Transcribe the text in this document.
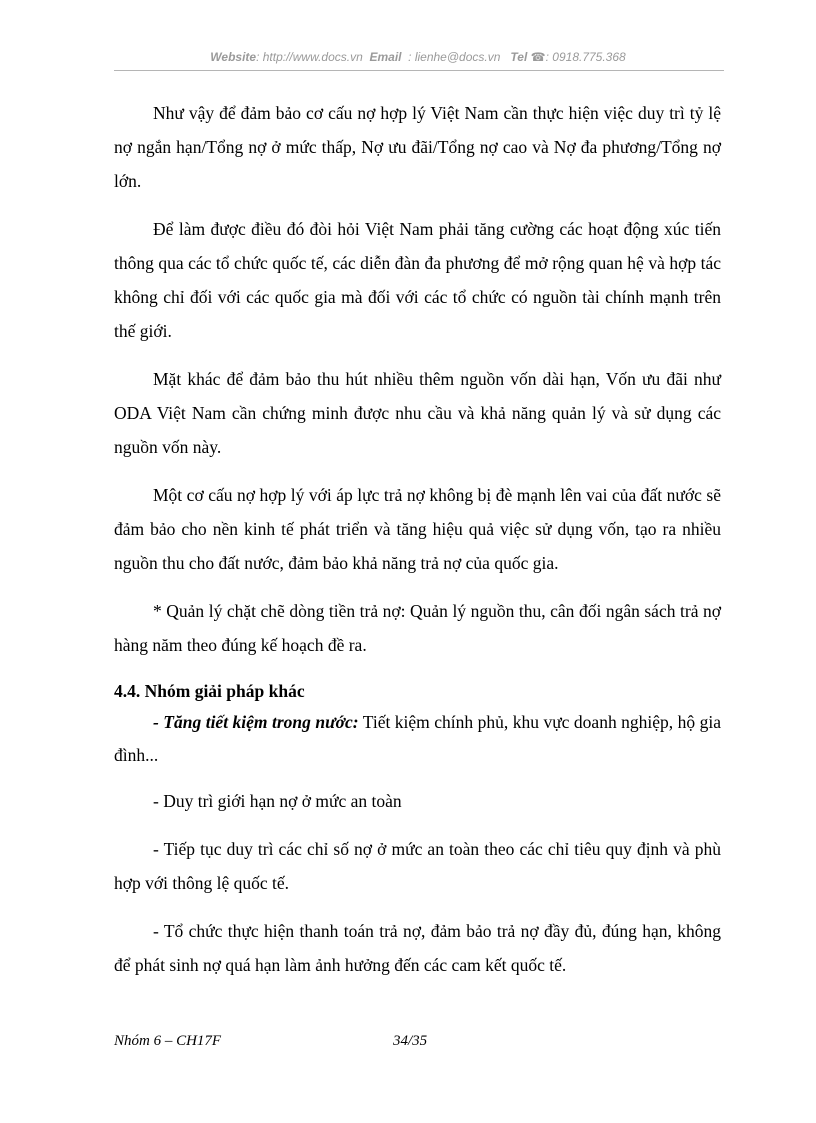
Website: http://www.docs.vn Email  : lienhe@docs.vn Tel ☎: 0918.775.368

Như vậy để đảm bảo cơ cấu nợ hợp lý Việt Nam cần thực hiện việc duy trì tỷ lệ nợ ngắn hạn/Tổng nợ ở mức thấp, Nợ ưu đãi/Tổng nợ cao và Nợ đa phương/Tổng nợ lớn.

Để làm được điều đó đòi hỏi Việt Nam phải tăng cường các hoạt động xúc tiến thông qua các tổ chức quốc tế, các diễn đàn đa phương để mở rộng quan hệ và hợp tác không chỉ đối với các quốc gia mà đối với các tổ chức có nguồn tài chính mạnh trên thế giới.

Mặt khác để đảm bảo thu hút nhiều thêm nguồn vốn dài hạn, Vốn ưu đãi như ODA Việt Nam cần chứng minh được nhu cầu và khả năng quản lý và sử dụng các nguồn vốn này.

Một cơ cấu nợ hợp lý với áp lực trả nợ không bị đè mạnh lên vai của đất nước sẽ đảm bảo cho nền kinh tế phát triển và tăng hiệu quả việc sử dụng vốn, tạo ra nhiều nguồn thu cho đất nước, đảm bảo khả năng trả nợ của quốc gia.

* Quản lý chặt chẽ dòng tiền trả nợ: Quản lý nguồn thu, cân đối ngân sách trả nợ hàng năm theo đúng kế hoạch đề ra.

4.4. Nhóm giải pháp khác

- Tăng tiết kiệm trong nước: Tiết kiệm chính phủ, khu vực doanh nghiệp, hộ gia đình...

- Duy trì giới hạn nợ ở mức an toàn

- Tiếp tục duy trì các chỉ số nợ ở mức an toàn theo các chỉ tiêu quy định và phù hợp với thông lệ quốc tế.

- Tổ chức thực hiện thanh toán trả nợ, đảm bảo trả nợ đầy đủ, đúng hạn, không để phát sinh nợ quá hạn làm ảnh hưởng đến các cam kết quốc tế.

Nhóm 6 – CH17F	34/35
